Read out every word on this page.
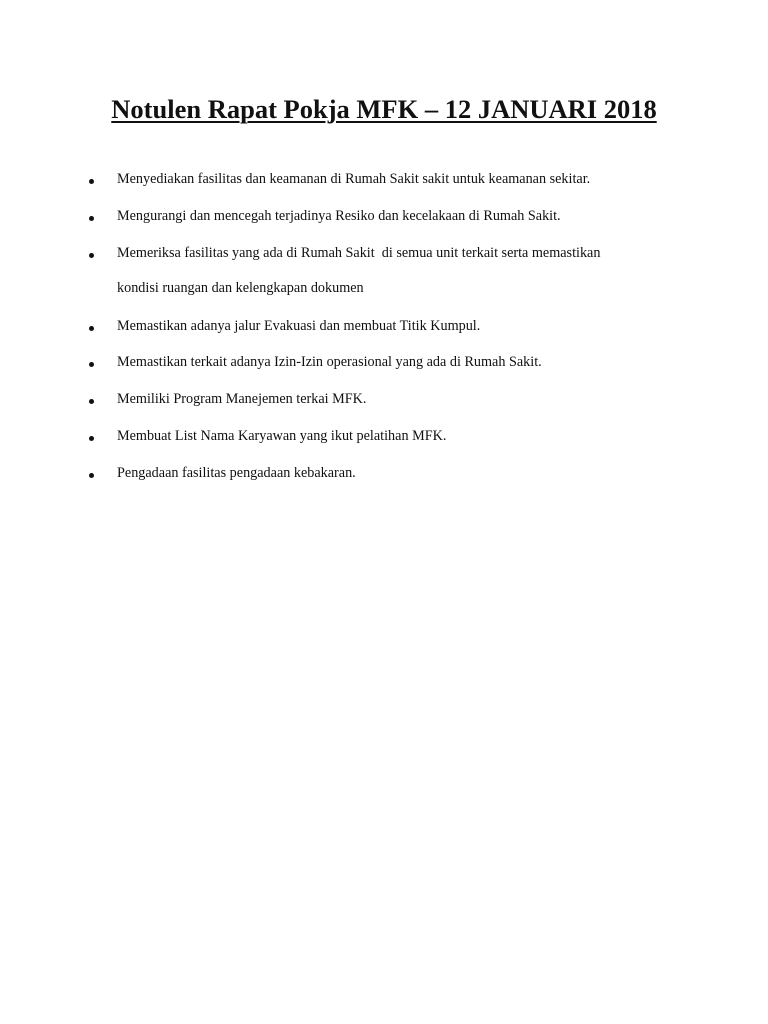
Notulen Rapat Pokja MFK – 12 JANUARI 2018
Menyediakan fasilitas dan keamanan di Rumah Sakit sakit untuk keamanan sekitar.
Mengurangi dan mencegah terjadinya Resiko dan kecelakaan di Rumah Sakit.
Memeriksa fasilitas yang ada di Rumah Sakit  di semua unit terkait serta memastikan
kondisi ruangan dan kelengkapan dokumen
Memastikan adanya jalur Evakuasi dan membuat Titik Kumpul.
Memastikan terkait adanya Izin-Izin operasional yang ada di Rumah Sakit.
Memiliki Program Manejemen terkai MFK.
Membuat List Nama Karyawan yang ikut pelatihan MFK.
Pengadaan fasilitas pengadaan kebakaran.
